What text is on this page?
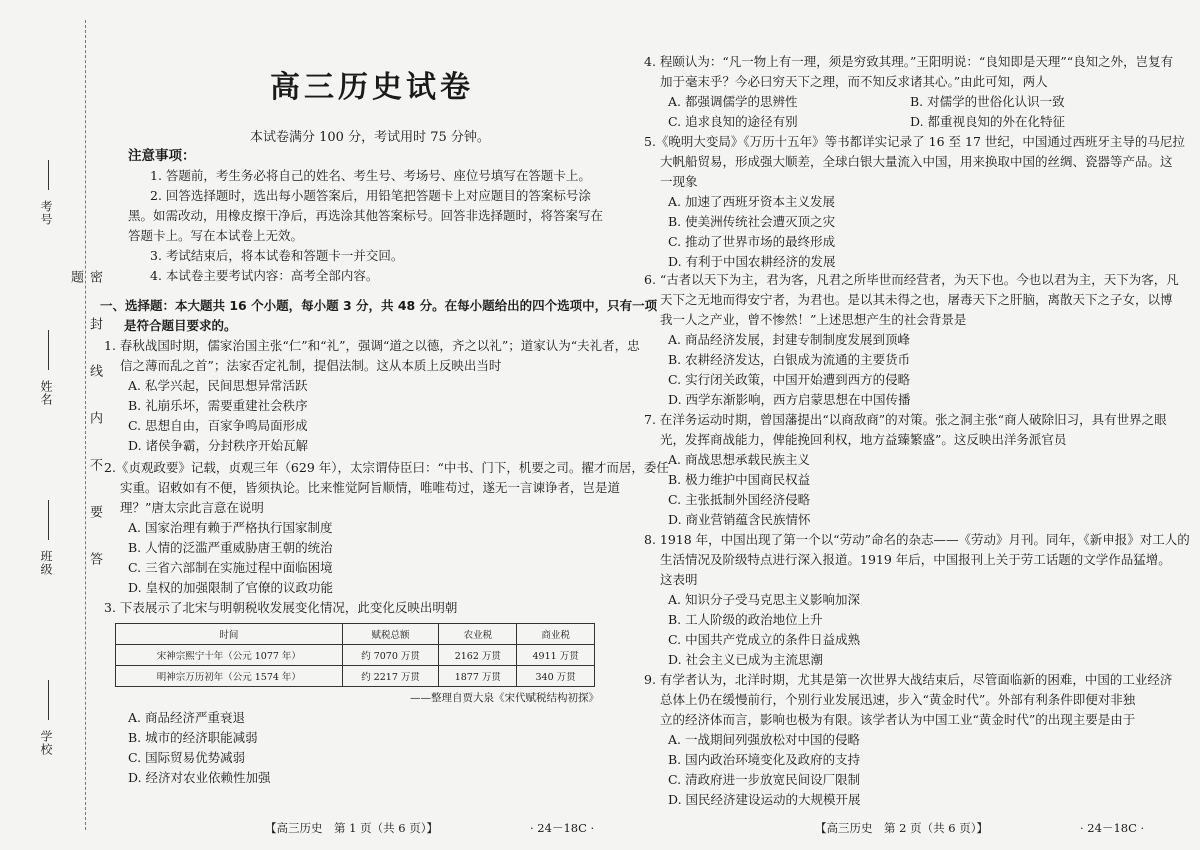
考号
姓名
班级
学校
密封线内不要答题
高三历史试卷
本试卷满分 100 分，考试用时 75 分钟。
注意事项：
1. 答题前，考生务必将自己的姓名、考生号、考场号、座位号填写在答题卡上。
2. 回答选择题时，选出每小题答案后，用铅笔把答题卡上对应题目的答案标号涂
黑。如需改动，用橡皮擦干净后，再选涂其他答案标号。回答非选择题时，将答案写在
答题卡上。写在本试卷上无效。
3. 考试结束后，将本试卷和答题卡一并交回。
4. 本试卷主要考试内容：高考全部内容。
一、选择题：本大题共 16 个小题，每小题 3 分，共 48 分。在每小题给出的四个选项中，只有一项
是符合题目要求的。
1. 春秋战国时期，儒家治国主张“仁”和“礼”，强调“道之以德，齐之以礼”；道家认为“夫礼者，忠
信之薄而乱之首”；法家否定礼制，提倡法制。这从本质上反映出当时
A. 私学兴起，民间思想异常活跃
B. 礼崩乐坏，需要重建社会秩序
C. 思想自由，百家争鸣局面形成
D. 诸侯争霸，分封秩序开始瓦解
2.《贞观政要》记载，贞观三年（629 年），太宗谓侍臣曰：“中书、门下，机要之司。擢才而居，委任
实重。诏敕如有不便，皆须执论。比来惟觉阿旨顺情，唯唯苟过，遂无一言谏诤者，岂是道
理？”唐太宗此言意在说明
A. 国家治理有赖于严格执行国家制度
B. 人情的泛滥严重威胁唐王朝的统治
C. 三省六部制在实施过程中面临困境
D. 皇权的加强限制了官僚的议政功能
3. 下表展示了北宋与明朝税收发展变化情况，此变化反映出明朝
时间	赋税总额	农业税	商业税
宋神宗熙宁十年（公元 1077 年）	约 7070 万贯	2162 万贯	4911 万贯
明神宗万历初年（公元 1574 年）	约 2217 万贯	1877 万贯	340 万贯
——整理自贾大泉《宋代赋税结构初探》
A. 商品经济严重衰退
B. 城市的经济职能减弱
C. 国际贸易优势减弱
D. 经济对农业依赖性加强
【高三历史　第 1 页（共 6 页）】	· 24－18C ·
4. 程颐认为：“凡一物上有一理，须是穷致其理。”王阳明说：“良知即是天理”“良知之外，岂复有
加于毫末乎？今必曰穷天下之理，而不知反求诸其心。”由此可知，两人
A. 都强调儒学的思辨性	B. 对儒学的世俗化认识一致
C. 追求良知的途径有别	D. 都重视良知的外在化特征
5.《晚明大变局》《万历十五年》等书都详实记录了 16 至 17 世纪，中国通过西班牙主导的马尼拉
大帆船贸易，形成强大顺差，全球白银大量流入中国，用来换取中国的丝绸、瓷器等产品。这
一现象
A. 加速了西班牙资本主义发展
B. 使美洲传统社会遭灭顶之灾
C. 推动了世界市场的最终形成
D. 有利于中国农耕经济的发展
6. “古者以天下为主，君为客，凡君之所毕世而经营者，为天下也。今也以君为主，天下为客，凡
天下之无地而得安宁者，为君也。是以其未得之也，屠毒天下之肝脑，离散天下之子女，以博
我一人之产业，曾不惨然！”上述思想产生的社会背景是
A. 商品经济发展，封建专制制度发展到顶峰
B. 农耕经济发达，白银成为流通的主要货币
C. 实行闭关政策，中国开始遭到西方的侵略
D. 西学东渐影响，西方启蒙思想在中国传播
7. 在洋务运动时期，曾国藩提出“以商敌商”的对策。张之洞主张“商人破除旧习，具有世界之眼
光，发挥商战能力，俾能挽回利权，地方益臻繁盛”。这反映出洋务派官员
A. 商战思想承载民族主义
B. 极力维护中国商民权益
C. 主张抵制外国经济侵略
D. 商业营销蕴含民族情怀
8. 1918 年，中国出现了第一个以“劳动”命名的杂志——《劳动》月刊。同年，《新申报》对工人的
生活情况及阶级特点进行深入报道。1919 年后，中国报刊上关于劳工话题的文学作品猛增。
这表明
A. 知识分子受马克思主义影响加深
B. 工人阶级的政治地位上升
C. 中国共产党成立的条件日益成熟
D. 社会主义已成为主流思潮
9. 有学者认为，北洋时期，尤其是第一次世界大战结束后，尽管面临新的困难，中国的工业经济
总体上仍在缓慢前行，个别行业发展迅速，步入“黄金时代”。外部有利条件即便对非独
立的经济体而言，影响也极为有限。该学者认为中国工业“黄金时代”的出现主要是由于
A. 一战期间列强放松对中国的侵略
B. 国内政治环境变化及政府的支持
C. 清政府进一步放宽民间设厂限制
D. 国民经济建设运动的大规模开展
【高三历史　第 2 页（共 6 页）】	· 24－18C ·
